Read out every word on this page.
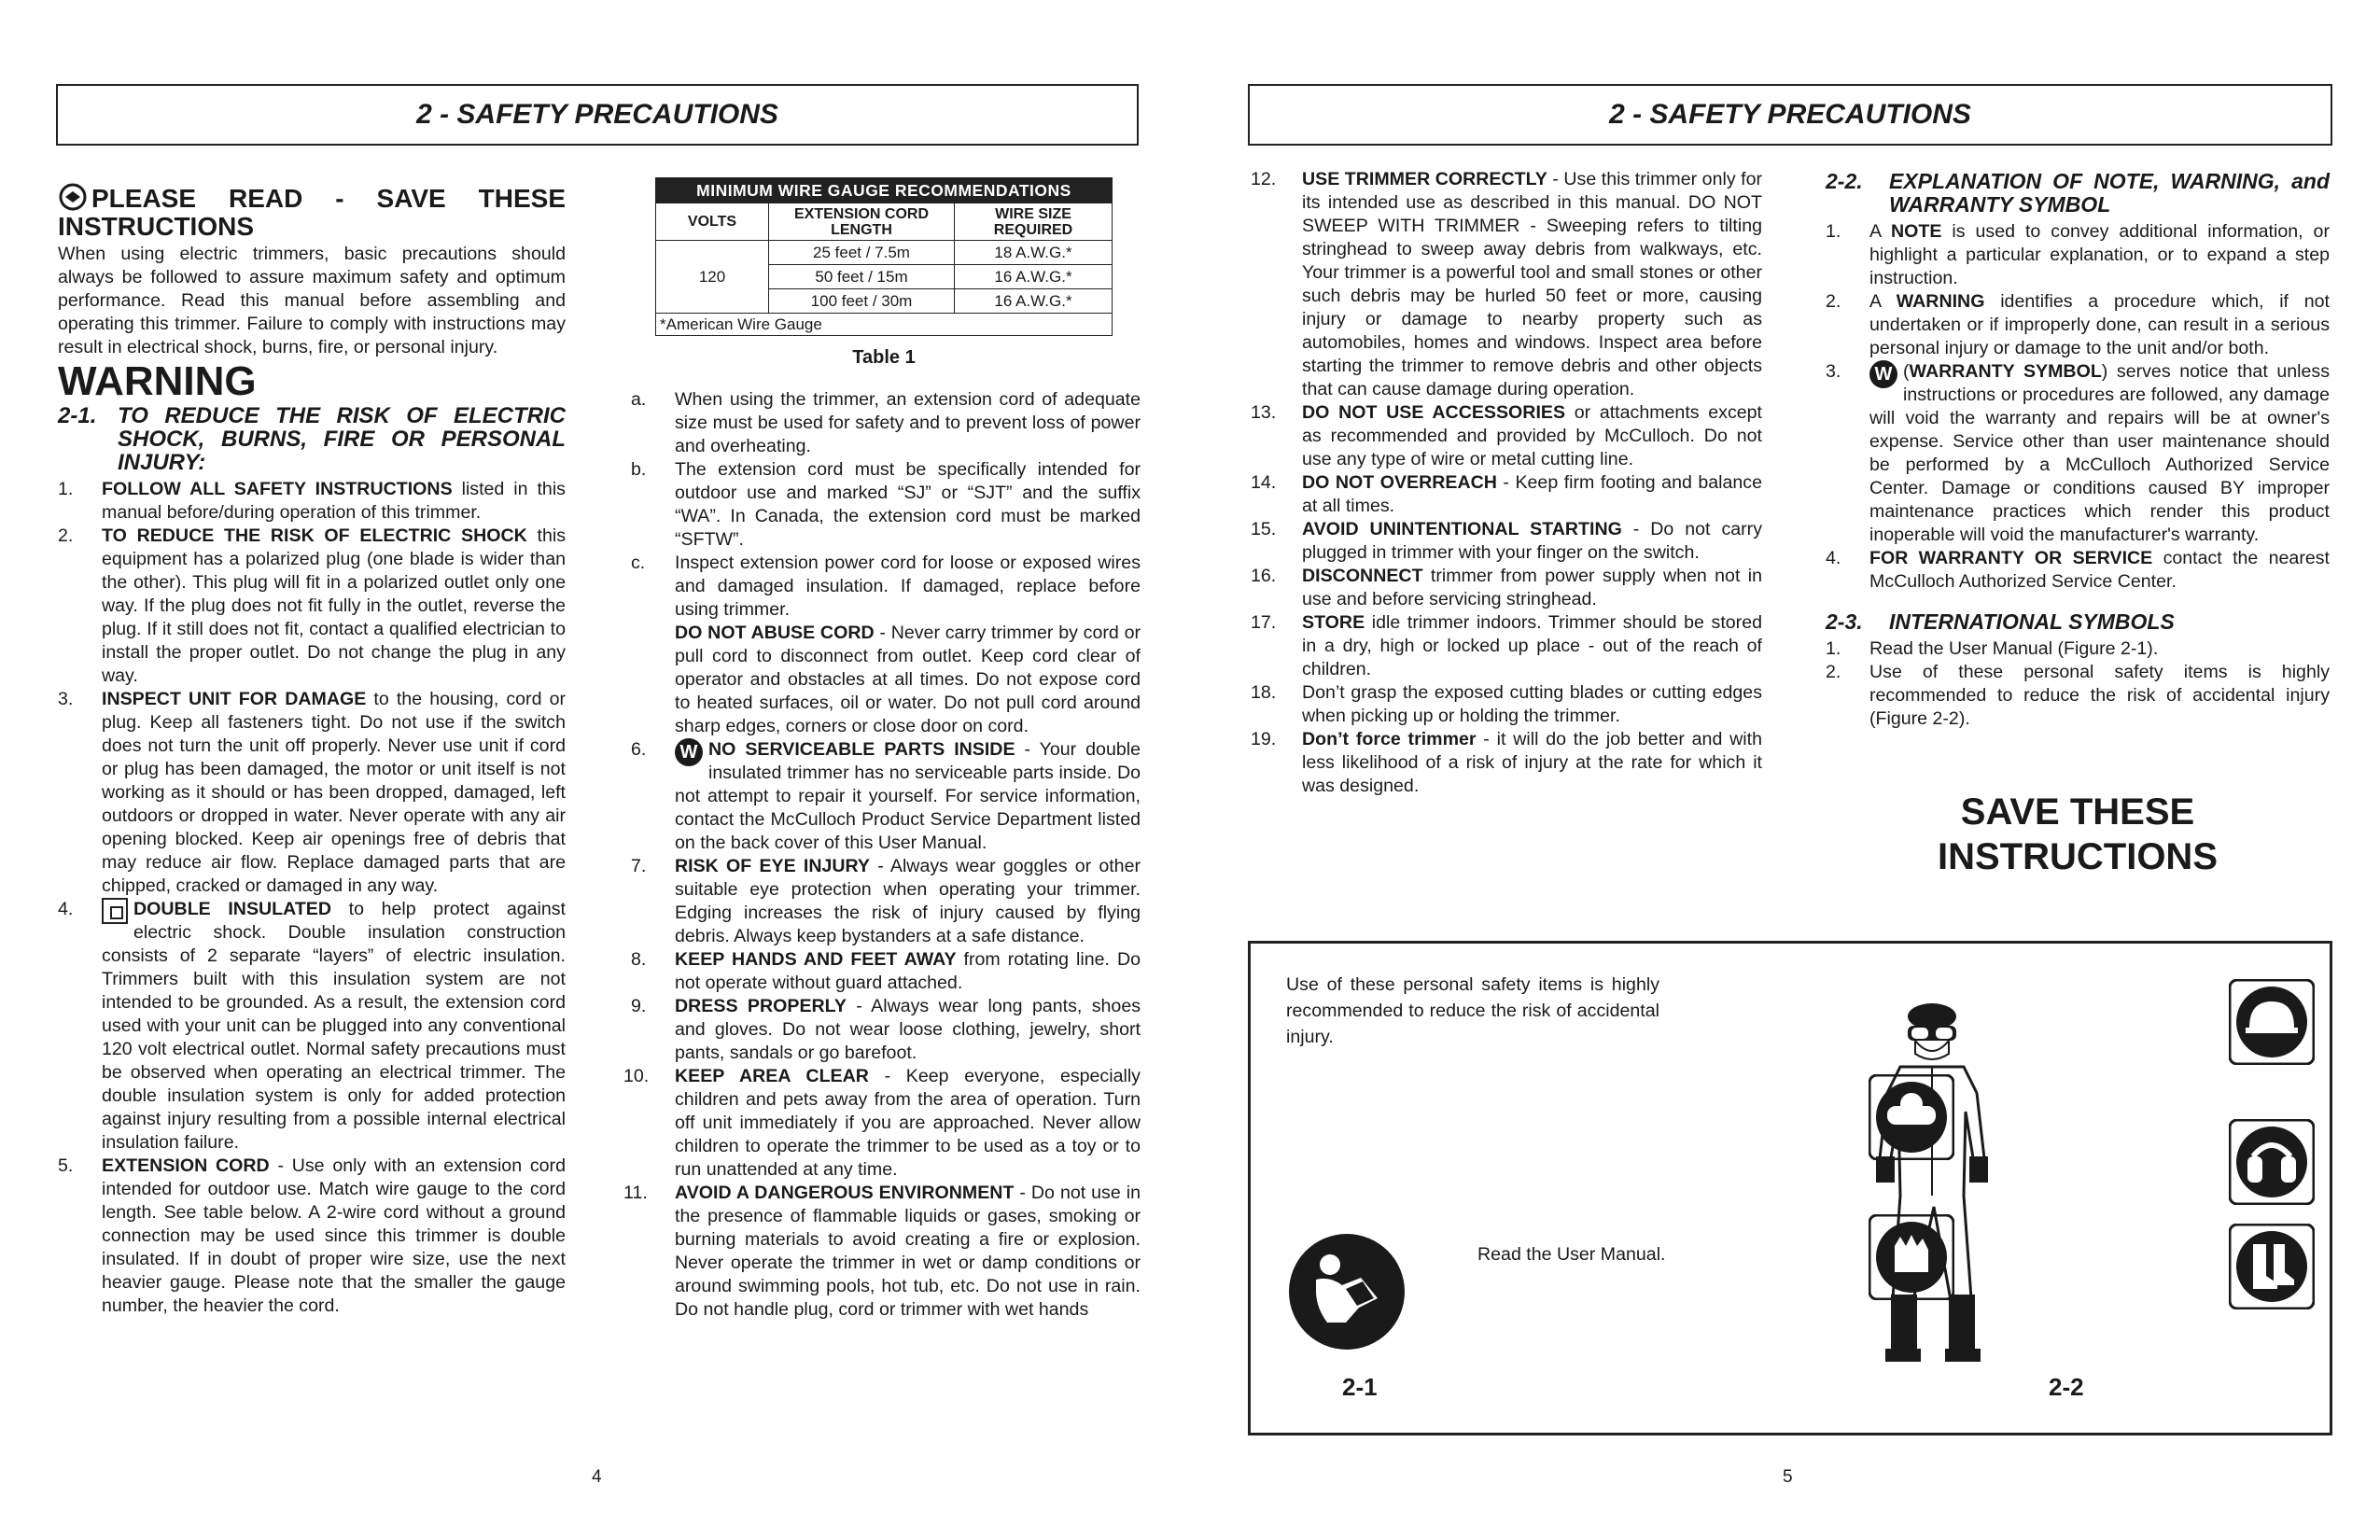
2 - SAFETY PRECAUTIONS	2 - SAFETY PRECAUTIONS

PLEASE READ - SAVE THESE INSTRUCTIONS

When using electric trimmers, basic precautions should always be followed to assure maximum safety and optimum performance. Read this manual before assembling and operating this trimmer. Failure to comply with instructions may result in electrical shock, burns, fire, or personal injury.

WARNING

2-1. TO REDUCE THE RISK OF ELECTRIC SHOCK, BURNS, FIRE OR PERSONAL INJURY:

1. FOLLOW ALL SAFETY INSTRUCTIONS listed in this manual before/during operation of this trimmer.

2. TO REDUCE THE RISK OF ELECTRIC SHOCK this equipment has a polarized plug (one blade is wider than the other). This plug will fit in a polarized outlet only one way. If the plug does not fit fully in the outlet, reverse the plug. If it still does not fit, contact a qualified electrician to install the proper outlet. Do not change the plug in any way.

3. INSPECT UNIT FOR DAMAGE to the housing, cord or plug. Keep all fasteners tight. Do not use if the switch does not turn the unit off properly. Never use unit if cord or plug has been damaged, the motor or unit itself is not working as it should or has been dropped, damaged, left outdoors or dropped in water. Never operate with any air opening blocked. Keep air openings free of debris that may reduce air flow. Replace damaged parts that are chipped, cracked or damaged in any way.

4.	DOUBLE INSULATED to help protect against electric shock. Double insulation construction consists of 2 separate “layers” of electric insulation. Trimmers built with this insulation system are not intended to be grounded. As a result, the extension cord used with your unit can be plugged into any conventional 120 volt electrical outlet. Normal safety precautions must be observed when operating an electrical trimmer. The double insulation system is only for added protection against injury resulting from a possible internal electrical insulation failure.

5. EXTENSION CORD - Use only with an extension cord intended for outdoor use. Match wire gauge to the cord length. See table below. A 2-wire cord without a ground connection may be used since this trimmer is double insulated. If in doubt of proper wire size, use the next heavier gauge. Please note that the smaller the gauge number, the heavier the cord.

MINIMUM WIRE GAUGE RECOMMENDATIONS		
VOLTS	EXTENSION CORD LENGTH	WIRE SIZE REQUIRED
120	25 feet / 7.5m	18 A.W.G.*
	50 feet / 15m	16 A.W.G.*
	100 feet / 30m	16 A.W.G.*
*American Wire Gauge		
Table 1
a. When using the trimmer, an extension cord of adequate size must be used for safety and to prevent loss of power and overheating.

b. The extension cord must be specifically intended for outdoor use and marked “SJ” or “SJT” and the suffix “WA”. In Canada, the extension cord must be marked “SFTW”.

c. Inspect extension power cord for loose or exposed wires and damaged insulation. If damaged, replace before using trimmer.

DO NOT ABUSE CORD - Never carry trimmer by cord or pull cord to disconnect from outlet. Keep cord clear of operator and obstacles at all times. Do not expose cord to heated surfaces, oil or water. Do not pull cord around sharp edges, corners or close door on cord.

6. W NO SERVICEABLE PARTS INSIDE - Your double insulated trimmer has no serviceable parts inside. Do not attempt to repair it yourself. For service information, contact the McCulloch Product Service Department listed on the back cover of this User Manual.

7. RISK OF EYE INJURY - Always wear goggles or other suitable eye protection when operating your trimmer. Edging increases the risk of injury caused by flying debris. Always keep bystanders at a safe distance.

8. KEEP HANDS AND FEET AWAY from rotating line. Do not operate without guard attached.

9. DRESS PROPERLY - Always wear long pants, shoes and gloves. Do not wear loose clothing, jewelry, short pants, sandals or go barefoot.

10. KEEP AREA CLEAR - Keep everyone, especially children and pets away from the area of operation. Turn off unit immediately if you are approached. Never allow children to operate the trimmer to be used as a toy or to run unattended at any time.

11. AVOID A DANGEROUS ENVIRONMENT - Do not use in the presence of flammable liquids or gases, smoking or burning materials to avoid creating a fire or explosion. Never operate the trimmer in wet or damp conditions or around swimming pools, hot tub, etc. Do not use in rain. Do not handle plug, cord or trimmer with wet hands

12. USE TRIMMER CORRECTLY - Use this trimmer only for its intended use as described in this manual. DO NOT SWEEP WITH TRIMMER - Sweeping refers to tilting stringhead to sweep away debris from walkways, etc. Your trimmer is a powerful tool and small stones or other such debris may be hurled 50 feet or more, causing injury or damage to nearby property such as automobiles, homes and windows. Inspect area before starting the trimmer to remove debris and other objects that can cause damage during operation.

13. DO NOT USE ACCESSORIES or attachments except as recommended and provided by McCulloch. Do not use any type of wire or metal cutting line.

14. DO NOT OVERREACH - Keep firm footing and balance at all times.

15. AVOID UNINTENTIONAL STARTING - Do not carry plugged in trimmer with your finger on the switch.

16. DISCONNECT trimmer from power supply when not in use and before servicing stringhead.

17. STORE idle trimmer indoors. Trimmer should be stored in a dry, high or locked up place - out of the reach of children.

18. Don’t grasp the exposed cutting blades or cutting edges when picking up or holding the trimmer.

19. Don’t force trimmer - it will do the job better and with less likelihood of a risk of injury at the rate for which it was designed.

2-2. EXPLANATION OF NOTE, WARNING, and WARRANTY SYMBOL

1. A NOTE is used to convey additional information, or highlight a particular explanation, or to expand a step instruction.

2. A WARNING identifies a procedure which, if not undertaken or if improperly done, can result in a serious personal injury or damage to the unit and/or both.

3. W (WARRANTY SYMBOL) serves notice that unless instructions or procedures are followed, any damage will void the warranty and repairs will be at owner's expense. Service other than user maintenance should be performed by a McCulloch Authorized Service Center. Damage or conditions caused BY improper maintenance practices which render this product inoperable will void the manufacturer's warranty.

4. FOR WARRANTY OR SERVICE contact the nearest McCulloch Authorized Service Center.

2-3. INTERNATIONAL SYMBOLS

1. Read the User Manual (Figure 2-1).

2. Use of these personal safety items is highly recommended to reduce the risk of accidental injury (Figure 2-2).

SAVE THESE
INSTRUCTIONS
Use of these personal safety items is highly recommended to reduce the risk of accidental injury.
Read the User Manual.
2-1	2-2
4	5
